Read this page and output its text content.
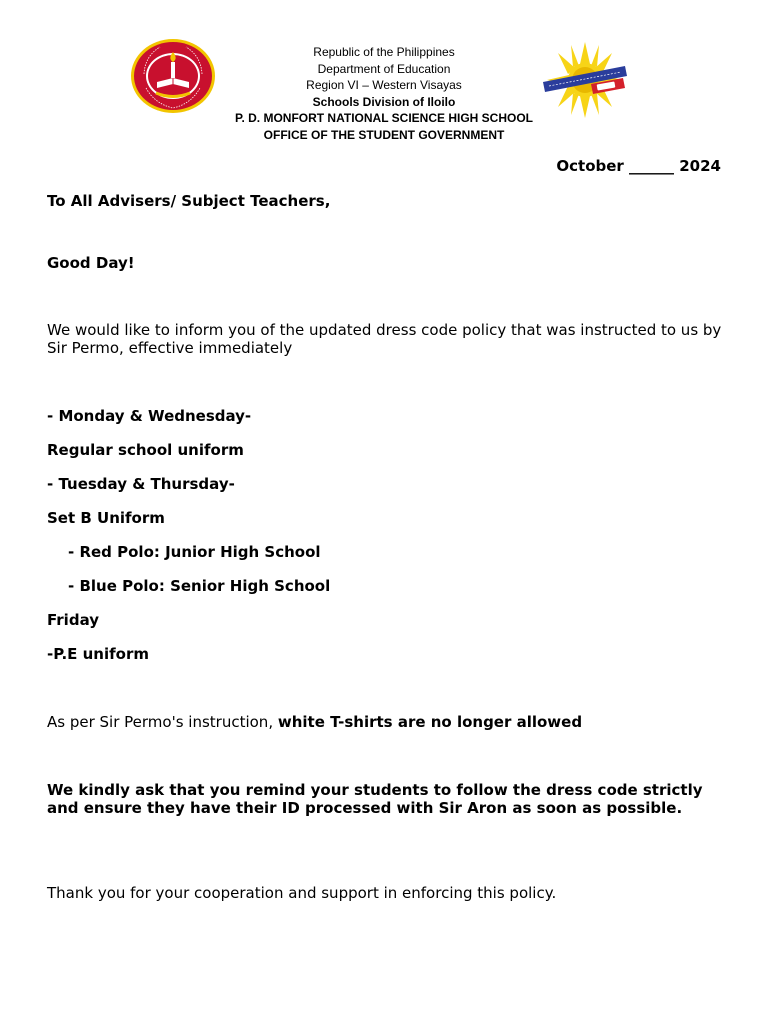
Republic of the Philippines
Department of Education
Region VI – Western Visayas
Schools Division of Iloilo
P. D. MONFORT NATIONAL SCIENCE HIGH SCHOOL
OFFICE OF THE STUDENT GOVERNMENT
October ______ 2024
To All Advisers/ Subject Teachers,
Good Day!
We would like to inform you of the updated dress code policy that was instructed to us by Sir Permo, effective immediately
- Monday & Wednesday-
Regular school uniform
- Tuesday & Thursday-
Set B Uniform
- Red Polo: Junior High School
- Blue Polo: Senior High School
Friday
-P.E uniform
As per Sir Permo's instruction, white T-shirts are no longer allowed
We kindly ask that you remind your students to follow the dress code strictly and ensure they have their ID processed with Sir Aron as soon as possible.
Thank you for your cooperation and support in enforcing this policy.
